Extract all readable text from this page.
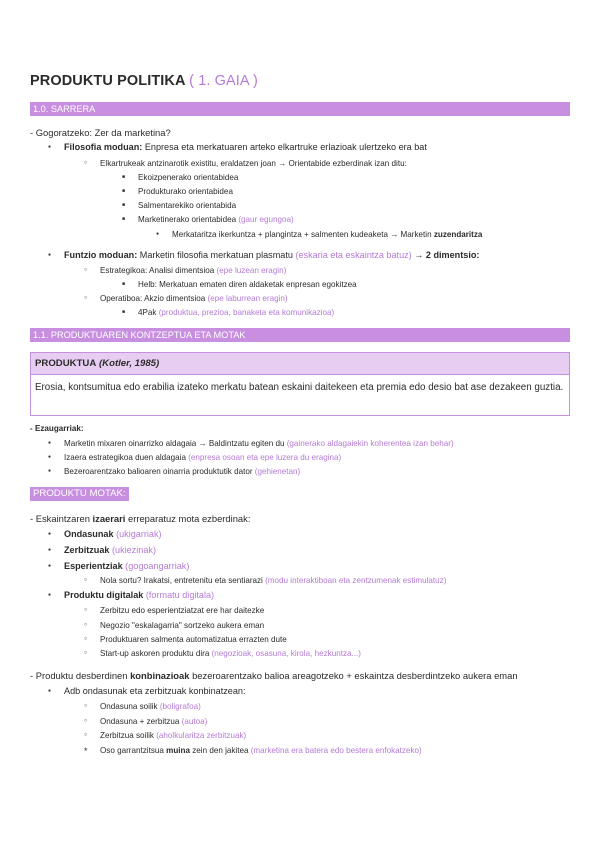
PRODUKTU POLITIKA ( 1. GAIA )
1.0. SARRERA
- Gogoratzeko: Zer da marketina?
● Filosofia moduan: Enpresa eta merkatuaren arteko elkartruke erlazioak ulertzeko era bat
○ Elkartrukeak antzinarotik existitu, eraldatzen joan → Orientabide ezberdinak izan ditu:
■ Ekoizpenerako orientabidea
■ Produkturako orientabidea
■ Salmentarekiko orientabida
■ Marketinerako orientabidea (gaur egungoa)
● Merkataritza ikerkuntza + plangintza + salmenten kudeaketa → Marketin zuzendaritza
● Funtzio moduan: Marketin filosofia merkatuan plasmatu (eskaria eta eskaintza batuz) → 2 dimentsio:
○ Estrategikoa: Analisi dimentsioa (epe luzean eragin)
■ Helb: Merkatuan ematen diren aldaketak enpresan egokitzea
○ Operatiboa: Akzio dimentsioa (epe laburrean eragin)
■ 4Pak (produktua, prezioa, banaketa eta komunikazioa)
1.1. PRODUKTUAREN KONTZEPTUA ETA MOTAK
PRODUKTUA (Kotler, 1985)
Erosia, kontsumitua edo erabilia izateko merkatu batean eskaini daitekeen eta premia edo desio bat ase dezakeen guztia.
- Ezaugarriak:
● Marketin mixaren oinarrizko aldagaia → Baldintzatu egiten du (gainerako aldagaiekin koherentea izan behar)
● Izaera estrategikoa duen aldagaia (enpresa osoan eta epe luzera du eragina)
● Bezeroarentzako balioaren oinarria produktutik dator (gehienetan)
PRODUKTU MOTAK:
- Eskaintzaren izaerari erreparatuz mota ezberdinak:
● Ondasunak (ukigarriak)
● Zerbitzuak (ukiezinak)
● Esperientziak (gogoangarriak)
○ Nola sortu? Irakatsi, entretenitu eta sentiarazi (modu interaktiboan eta zentzumenak estimulatuz)
● Produktu digitalak (formatu digitala)
○ Zerbitzu edo esperientziatzat ere har daitezke
○ Negozio "eskalagarria" sortzeko aukera eman
○ Produktuaren salmenta automatizatua errazten dute
○ Start-up askoren produktu dira (negozioak, osasuna, kirola, hezkuntza...)
- Produktu desberdinen konbinazioak bezeroarentzako balioa areagotzeko + eskaintza desberdintzeko aukera eman
● Adb ondasunak eta zerbitzuak konbinatzean:
○ Ondasuna soilik (boligrafoa)
○ Ondasuna + zerbitzua (autoa)
○ Zerbitzua soilik (aholkularitza zerbitzuak)
* Oso garrantzitsua muina zein den jakitea (marketina era batera edo bestera enfokatzeko)
